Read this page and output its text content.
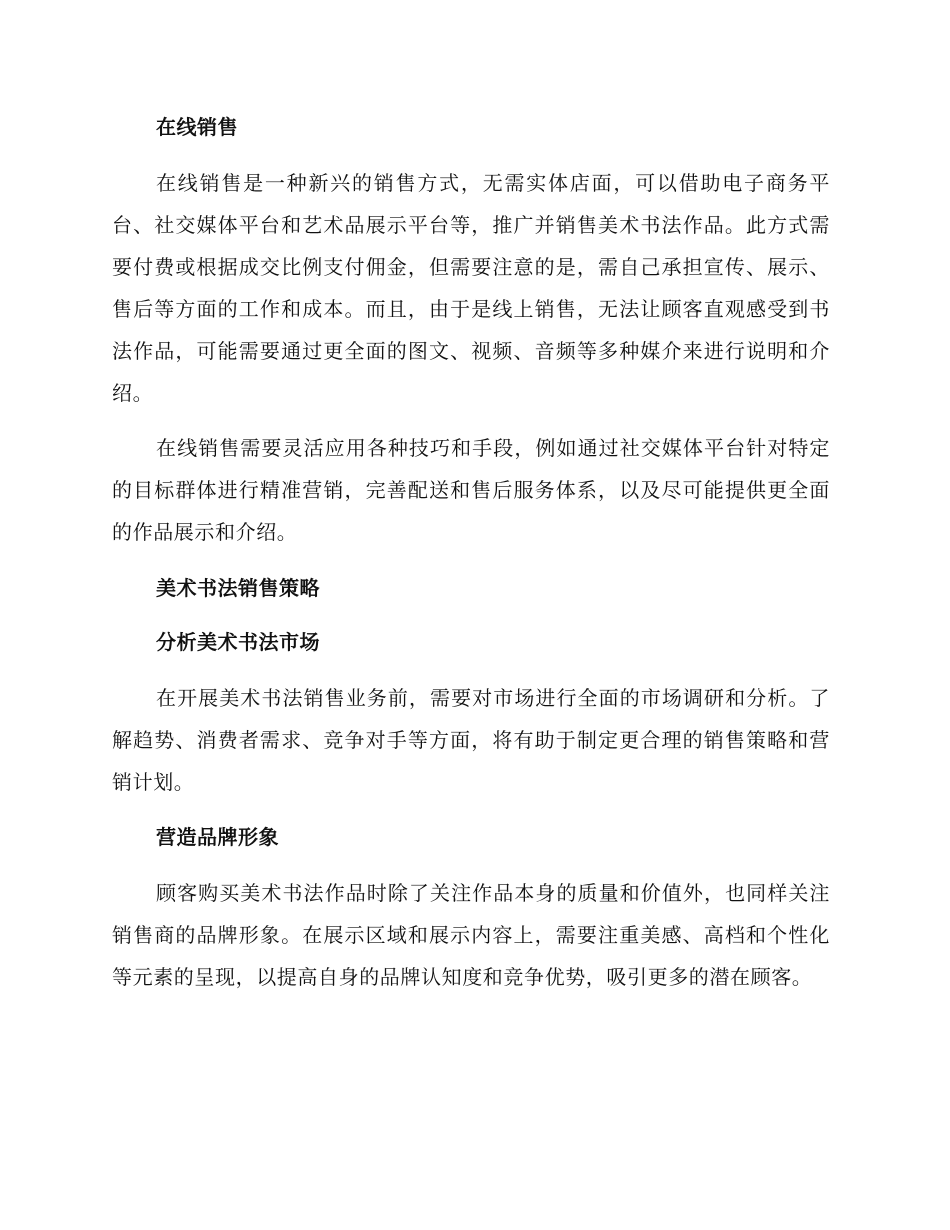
在线销售

在线销售是一种新兴的销售方式，无需实体店面，可以借助电子商务平台、社交媒体平台和艺术品展示平台等，推广并销售美术书法作品。此方式需要付费或根据成交比例支付佣金，但需要注意的是，需自己承担宣传、展示、售后等方面的工作和成本。而且，由于是线上销售，无法让顾客直观感受到书法作品，可能需要通过更全面的图文、视频、音频等多种媒介来进行说明和介绍。

在线销售需要灵活应用各种技巧和手段，例如通过社交媒体平台针对特定的目标群体进行精准营销，完善配送和售后服务体系，以及尽可能提供更全面的作品展示和介绍。

美术书法销售策略
分析美术书法市场

在开展美术书法销售业务前，需要对市场进行全面的市场调研和分析。了解趋势、消费者需求、竞争对手等方面，将有助于制定更合理的销售策略和营销计划。

营造品牌形象

顾客购买美术书法作品时除了关注作品本身的质量和价值外，也同样关注销售商的品牌形象。在展示区域和展示内容上，需要注重美感、高档和个性化等元素的呈现，以提高自身的品牌认知度和竞争优势，吸引更多的潜在顾客。
